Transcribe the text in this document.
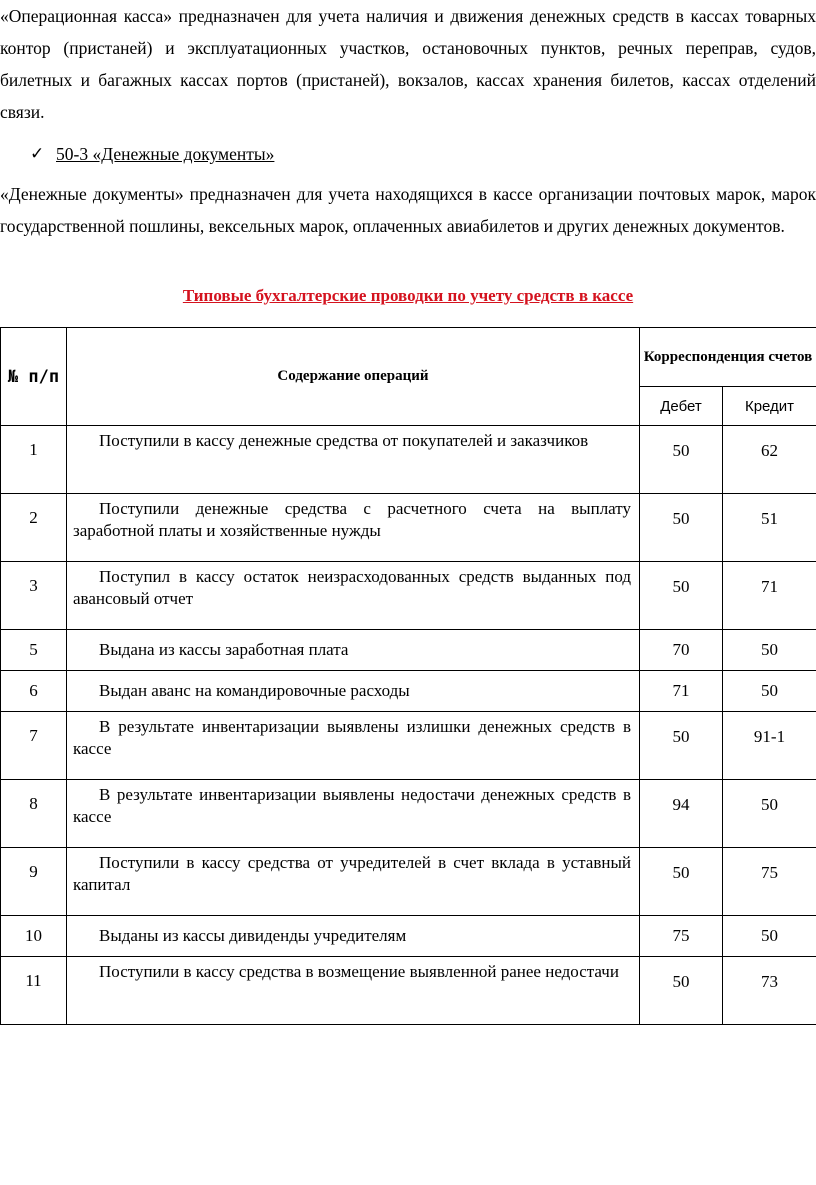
«Операционная касса» предназначен для учета наличия и движения денежных средств в кассах товарных контор (пристаней) и эксплуатационных участков, остановочных пунктов, речных переправ, судов, билетных и багажных кассах портов (пристаней), вокзалов, кассах хранения билетов, кассах отделений связи.
✓ 50-3 «Денежные документы»
«Денежные документы» предназначен для учета находящихся в кассе организации почтовых марок, марок государственной пошлины, вексельных марок, оплаченных авиабилетов и других денежных документов.
Типовые бухгалтерские проводки по учету средств в кассе
№ п/п	Содержание операций	Корреспонденция счетов	
		Дебет	Кредит
1	Поступили в кассу денежные средства от покупателей и заказчиков	50	62
2	Поступили денежные средства с расчетного счета на выплату заработной платы и хозяйственные нужды	50	51
3	Поступил в кассу остаток неизрасходованных средств выданных под авансовый отчет	50	71
5	Выдана из кассы заработная плата	70	50
6	Выдан аванс на командировочные расходы	71	50
7	В результате инвентаризации выявлены излишки денежных средств в кассе	50	91-1
8	В результате инвентаризации выявлены недостачи денежных средств в кассе	94	50
9	Поступили в кассу средства от учредителей в счет вклада в уставный капитал	50	75
10	Выданы из кассы дивиденды учредителям	75	50
11	Поступили в кассу средства в возмещение выявленной ранее недостачи	50	73
